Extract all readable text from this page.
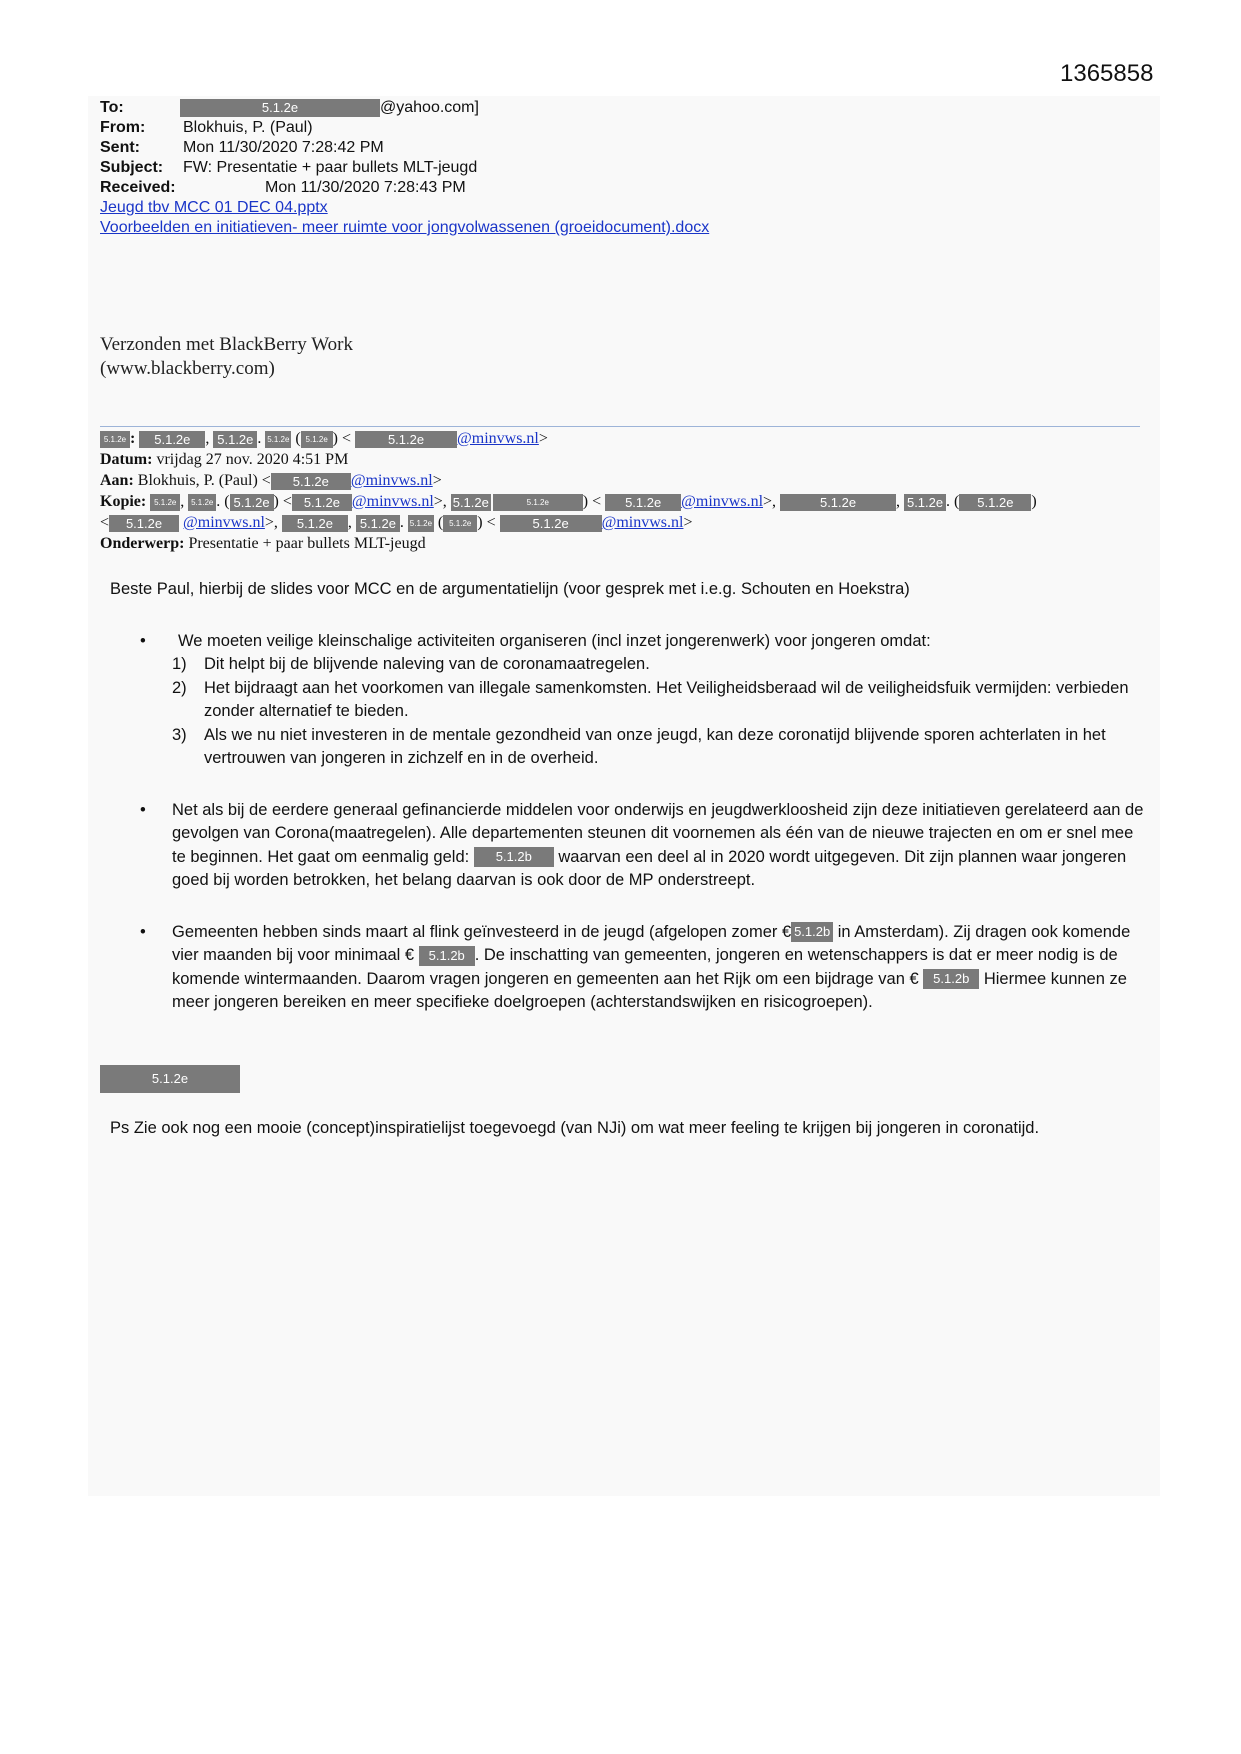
1365858
To:	5.1.2e	@yahoo.com]
From: Blokhuis, P. (Paul)
Sent:	Mon 11/30/2020 7:28:42 PM
Subject: FW: Presentatie + paar bullets MLT-jeugd
Received:	Mon 11/30/2020 7:28:43 PM
Jeugd tbv MCC 01 DEC 04.pptx
Voorbeelden en initiatieven- meer ruimte voor jongvolwassenen (groeidocument).docx
Verzonden met BlackBerry Work
(www.blackberry.com)
5.1.2e : 5.1.2e , 5.1.2e . 5.1.2e ( 5.1.2e ) <	5.1.2e @minvws.nl>
Datum: vrijdag 27 nov. 2020 4:51 PM
Aan: Blokhuis, P. (Paul) < 5.1.2e @minvws.nl>
Kopie: 5.1.2e , 5.1.2e . ( 5.1.2e ) < 5.1.2e @minvws.nl>, 5.1.2e	5.1.2e ) < 5.1.2e @minvws.nl>,	5.1.2e , 5.1.2e . ( 5.1.2e )
< 5.1.2e @minvws.nl>, 5.1.2e , 5.1.2e . 5.1.2e ( 5.1.2e ) <	5.1.2e @minvws.nl>
Onderwerp: Presentatie + paar bullets MLT-jeugd

Beste Paul, hierbij de slides voor MCC en de argumentatielijn (voor gesprek met i.e.g. Schouten en Hoekstra)

• We moeten veilige kleinschalige activiteiten organiseren (incl inzet jongerenwerk) voor jongeren omdat:
1) Dit helpt bij de blijvende naleving van de coronamaatregelen.
2) Het bijdraagt aan het voorkomen van illegale samenkomsten. Het Veiligheidsberaad wil de veiligheidsfuik vermijden: verbieden zonder alternatief te bieden.
3) Als we nu niet investeren in de mentale gezondheid van onze jeugd, kan deze coronatijd blijvende sporen achterlaten in het vertrouwen van jongeren in zichzelf en in de overheid.
• Net als bij de eerdere generaal gefinancierde middelen voor onderwijs en jeugdwerkloosheid zijn deze initiatieven gerelateerd aan de gevolgen van Corona(maatregelen). Alle departementen steunen dit voornemen als één van de nieuwe trajecten en om er snel mee te beginnen. Het gaat om eenmalig geld: 5.1.2b waarvan een deel al in 2020 wordt uitgegeven. Dit zijn plannen waar jongeren goed bij worden betrokken, het belang daarvan is ook door de MP onderstreept.
• Gemeenten hebben sinds maart al flink geïnvesteerd in de jeugd (afgelopen zomer € 5.1.2b in Amsterdam). Zij dragen ook komende vier maanden bij voor minimaal € 5.1.2b . De inschatting van gemeenten, jongeren en wetenschappers is dat er meer nodig is de komende wintermaanden. Daarom vragen jongeren en gemeenten aan het Rijk om een bijdrage van € 5.1.2b Hiermee kunnen ze meer jongeren bereiken en meer specifieke doelgroepen (achterstandswijken en risicogroepen).
5.1.2e
Ps Zie ook nog een mooie (concept)inspiratielijst toegevoegd (van NJi) om wat meer feeling te krijgen bij jongeren in coronatijd.
